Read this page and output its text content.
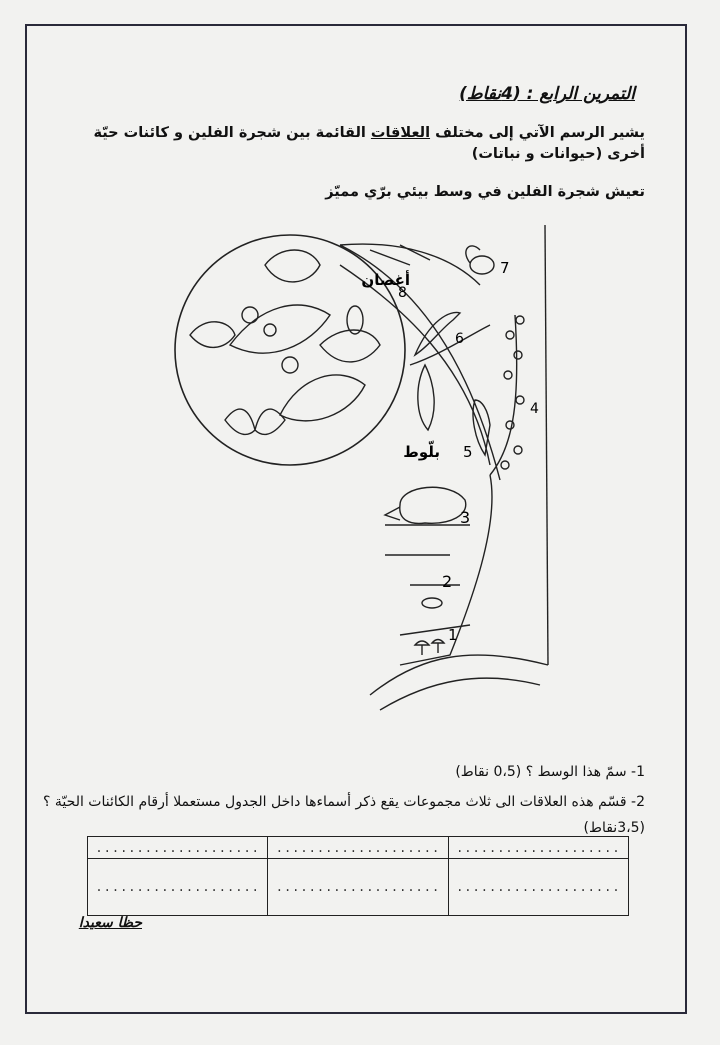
التمرين الرابع : (4نقاط)
يشير الرسم الآتي إلى مختلف العلاقات القائمة بين شجرة الفلين و كائنات حيّة أخرى (حيوانات و نباتات)
تعيش شجرة الفلين في وسط بيئي برّي مميّز
أغصان
8
7
6
5
4
3
2
1
بلّوط
1- سمّ هذا الوسط ؟ (0،5 نقاط)
2- قسّم هذه العلاقات الى ثلاث مجموعات يقع ذكر أسماءها داخل الجدول مستعملا أرقام الكائنات الحيّة ؟ (3،5نقاط)
....................	....................	....................
....................	....................	....................
حظا سعيدا
